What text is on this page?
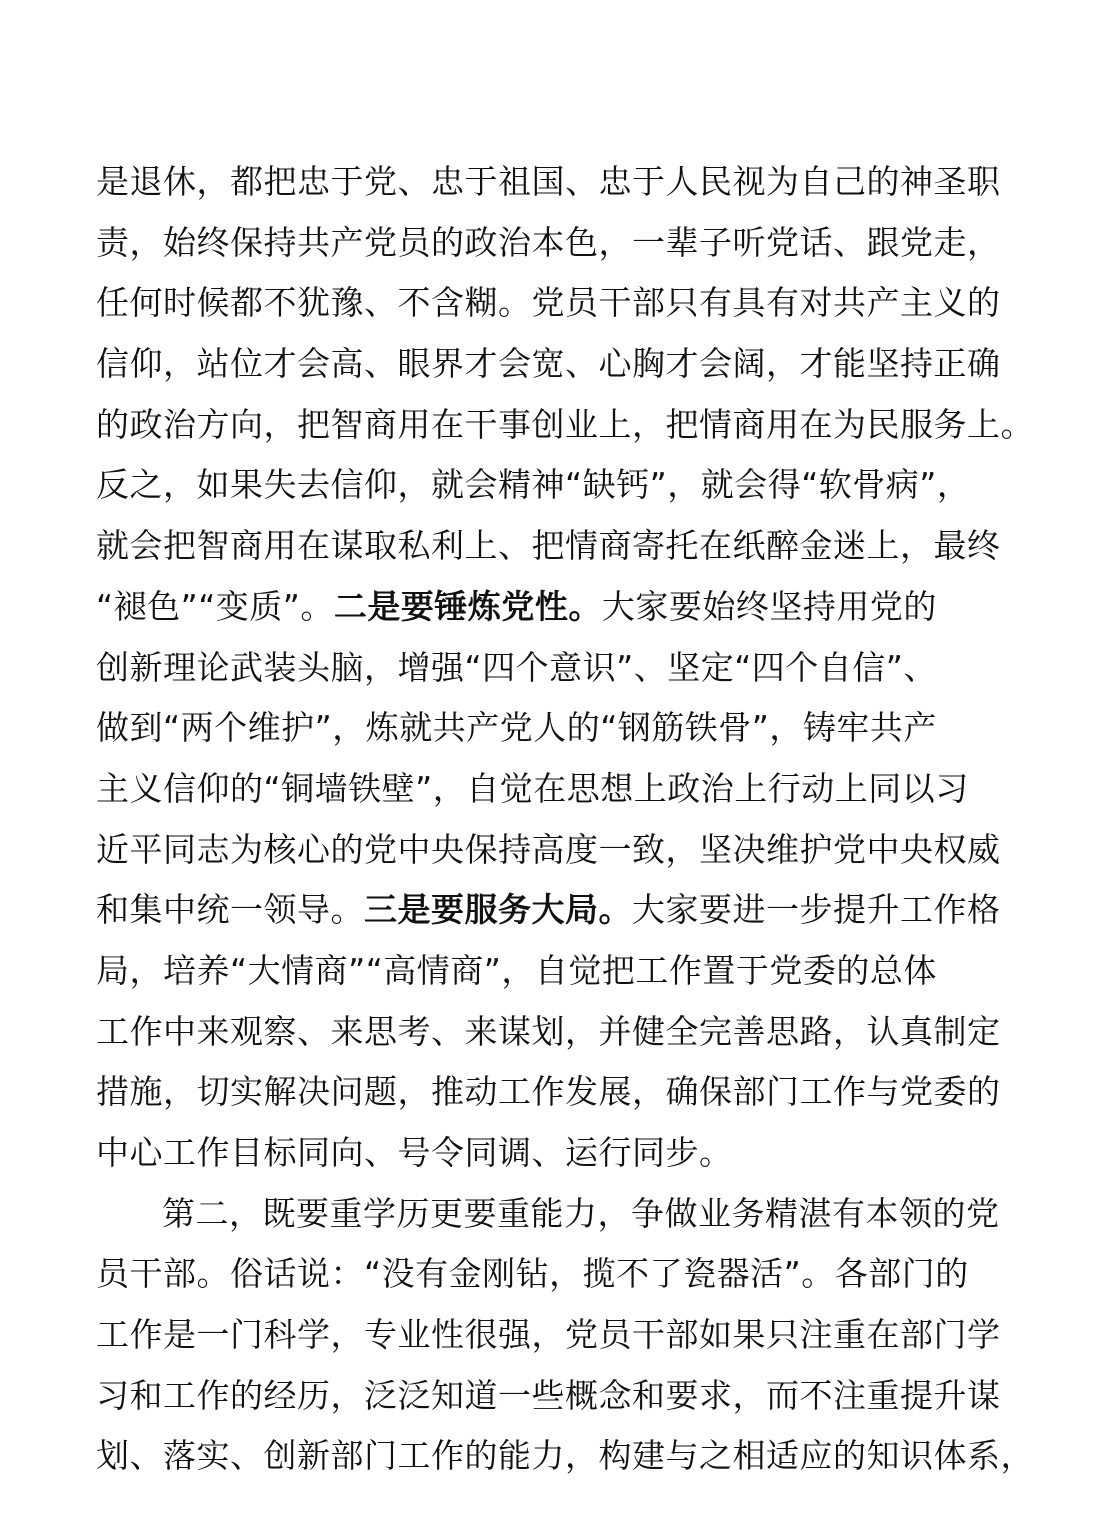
是退休，都把忠于党、忠于祖国、忠于人民视为自己的神圣职
责，始终保持共产党员的政治本色，一辈子听党话、跟党走，
任何时候都不犹豫、不含糊。党员干部只有具有对共产主义的
信仰，站位才会高、眼界才会宽、心胸才会阔，才能坚持正确
的政治方向，把智商用在干事创业上，把情商用在为民服务上。
反之，如果失去信仰，就会精神“缺钙”，就会得“软骨病”，
就会把智商用在谋取私利上、把情商寄托在纸醉金迷上，最终
“褪色”“变质”。二是要锤炼党性。大家要始终坚持用党的
创新理论武装头脑，增强“四个意识”、坚定“四个自信”、
做到“两个维护”，炼就共产党人的“钢筋铁骨”，铸牢共产
主义信仰的“铜墙铁壁”，自觉在思想上政治上行动上同以习
近平同志为核心的党中央保持高度一致，坚决维护党中央权威
和集中统一领导。三是要服务大局。大家要进一步提升工作格
局，培养“大情商”“高情商”，自觉把工作置于党委的总体
工作中来观察、来思考、来谋划，并健全完善思路，认真制定
措施，切实解决问题，推动工作发展，确保部门工作与党委的
中心工作目标同向、号令同调、运行同步。
第二，既要重学历更要重能力，争做业务精湛有本领的党
员干部。俗话说：“没有金刚钻，揽不了瓷器活”。各部门的
工作是一门科学，专业性很强，党员干部如果只注重在部门学
习和工作的经历，泛泛知道一些概念和要求，而不注重提升谋
划、落实、创新部门工作的能力，构建与之相适应的知识体系，
